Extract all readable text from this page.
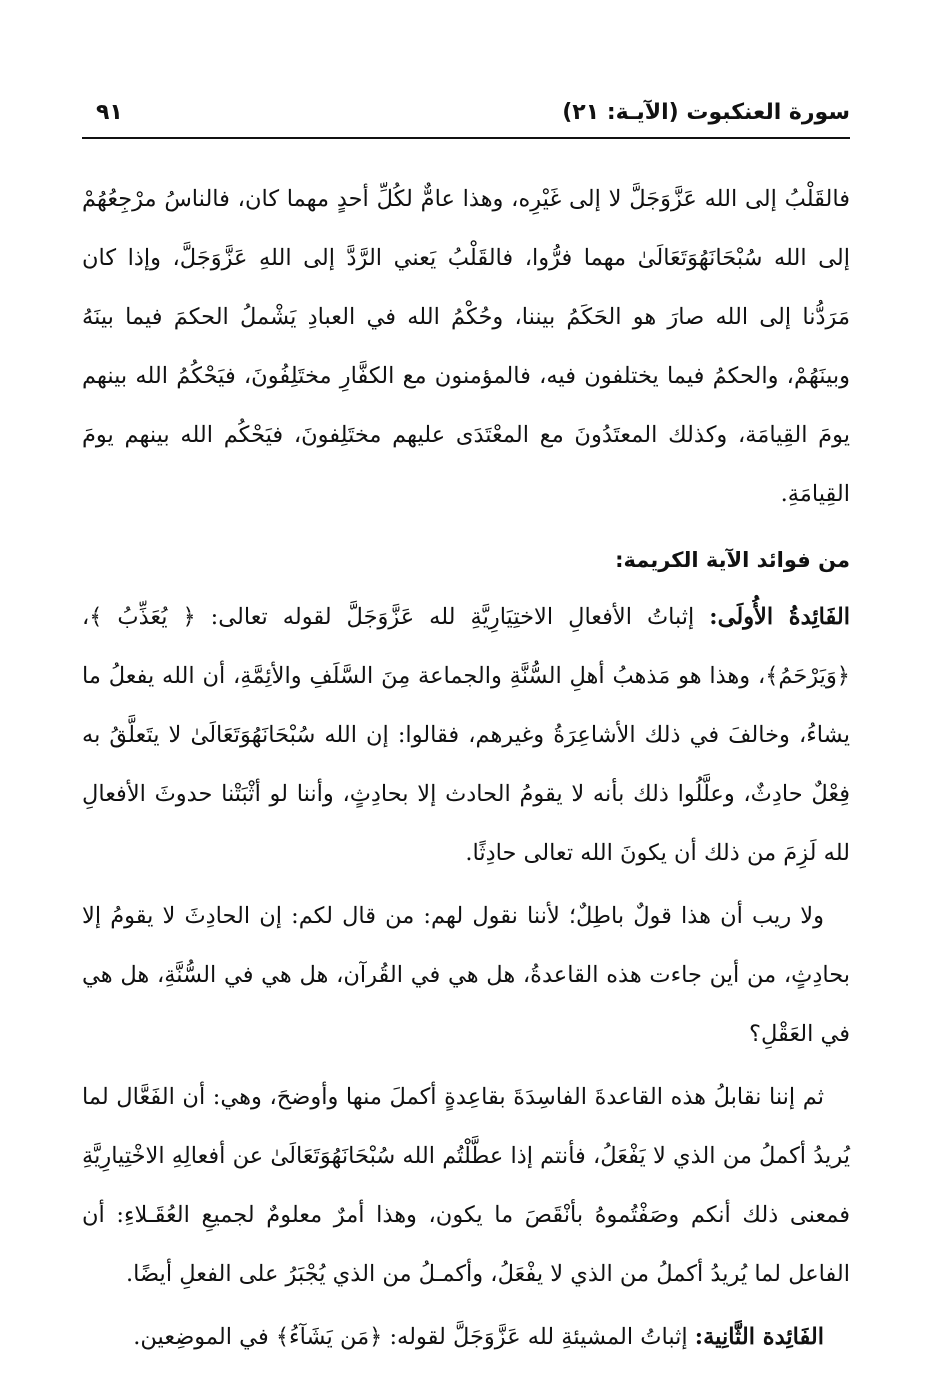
سورة العنكبوت (الآيـة: ٢١)
٩١

فالقَلْبُ إلى الله عَزَّوَجَلَّ لا إلى غَيْرِه، وهذا عامٌّ لكُلِّ أحدٍ مهما كان، فالناسُ مرْجِعُهُمْ إلى الله سُبْحَانَهُوَتَعَالَىٰ مهما فرُّوا، فالقَلْبُ يَعني الرَّدَّ إلى اللهِ عَزَّوَجَلَّ، وإذا كان مَرَدُّنا إلى الله صارَ هو الحَكَمُ بيننا، وحُكْمُ الله في العبادِ يَشْملُ الحكمَ فيما بينَهُ وبينَهُمْ، والحكمُ فيما يختلفون فيه، فالمؤمنون مع الكفَّارِ مختَلِفُونَ، فيَحْكُمُ الله بينهم يومَ القِيامَة، وكذلك المعتَدُونَ مع المعْتَدَى عليهم مختَلِفونَ، فيَحْكُم الله بينهم يومَ القِيامَةِ.

من فوائد الآية الكريمة:

الفَائِدةُ الأُولَى: إثباتُ الأفعالِ الاختِيَارِيَّةِ لله عَزَّوَجَلَّ لقوله تعالى: ﴿ يُعَذِّبُ ﴾، ﴿وَيَرْحَمُ﴾، وهذا هو مَذهبُ أهلِ السُّنَّةِ والجماعة مِنَ السَّلَفِ والأئِمَّةِ، أن الله يفعلُ ما يشاءُ، وخالفَ في ذلك الأشاعِرَةُ وغيرهم، فقالوا: إن الله سُبْحَانَهُوَتَعَالَىٰ لا يتَعلَّقُ به فِعْلٌ حادِثٌ، وعلَّلُوا ذلك بأنه لا يقومُ الحادث إلا بحادِثٍ، وأننا لو أثْبَتْنا حدوثَ الأفعالِ لله لَزِمَ من ذلك أن يكونَ الله تعالى حادِثًا.

ولا ريب أن هذا قولٌ باطِلٌ؛ لأننا نقول لهم: من قال لكم: إن الحادِثَ لا يقومُ إلا بحادِثٍ، من أين جاءت هذه القاعدةُ، هل هي في القُرآن، هل هي في السُّنَّةِ، هل هي في العَقْلِ؟

ثم إننا نقابلُ هذه القاعدةَ الفاسِدَةَ بقاعِدةٍ أكملَ منها وأوضحَ، وهي: أن الفَعَّال لما يُريدُ أكملُ من الذي لا يَفْعَلُ، فأنتم إذا عطَّلْتُم الله سُبْحَانَهُوَتَعَالَىٰ عن أفعالِهِ الاخْتِيارِيَّةِ فمعنى ذلك أنكم وصَفْتُموهُ بأنْقَصَ ما يكون، وهذا أمرٌ معلومٌ لجميعِ العُقَـلاءِ: أن الفاعل لما يُريدُ أكملُ من الذي لا يفْعَلُ، وأكمـلُ من الذي يُجْبَرُ على الفعلِ أيضًا.

الفَائِدة الثَّانِية: إثباتُ المشيئةِ لله عَزَّوَجَلَّ لقوله: ﴿مَن يَشَآءُ﴾ في الموضِعين.
